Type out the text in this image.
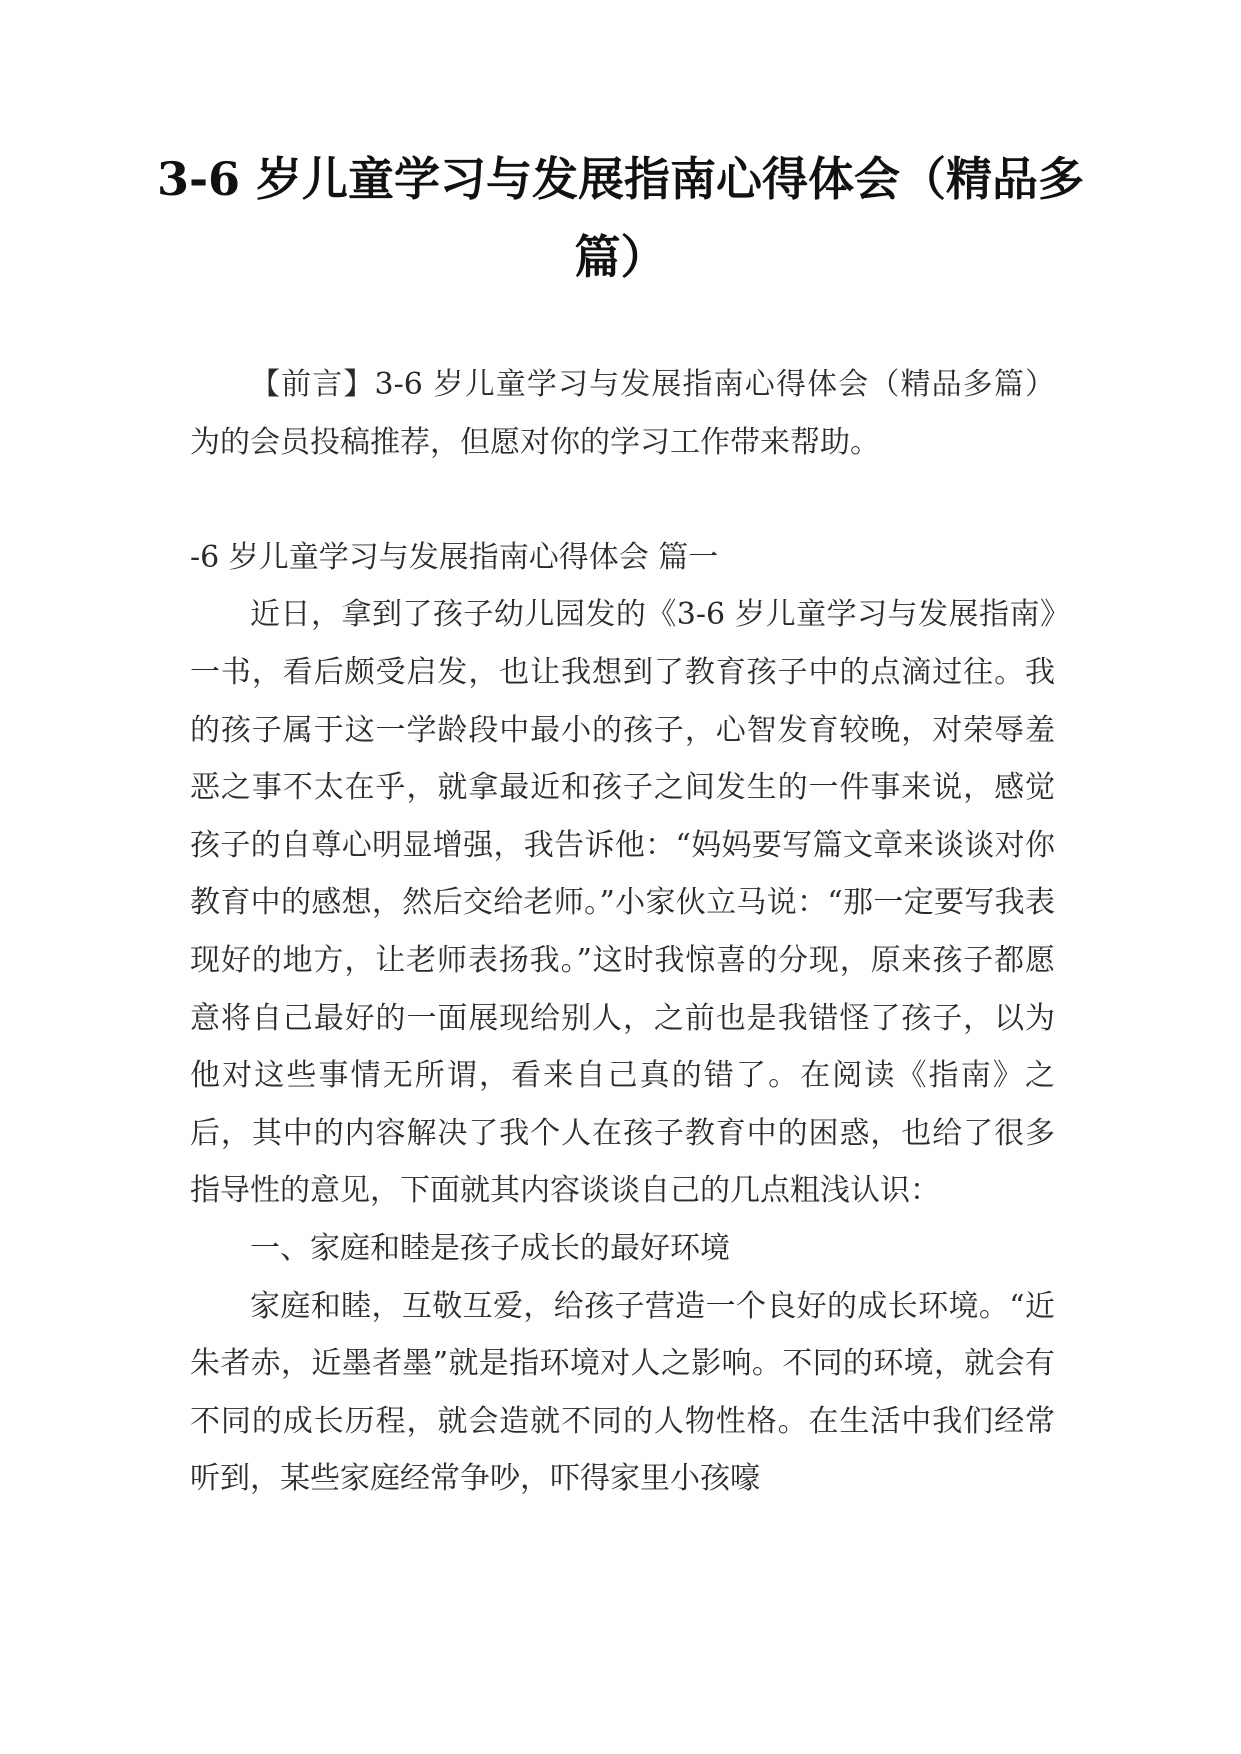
3-6 岁儿童学习与发展指南心得体会（精品多篇）

【前言】3-6 岁儿童学习与发展指南心得体会（精品多篇）为的会员投稿推荐，但愿对你的学习工作带来帮助。

-6 岁儿童学习与发展指南心得体会 篇一

近日，拿到了孩子幼儿园发的《3-6 岁儿童学习与发展指南》一书，看后颇受启发，也让我想到了教育孩子中的点滴过往。我的孩子属于这一学龄段中最小的孩子，心智发育较晚，对荣辱羞恶之事不太在乎，就拿最近和孩子之间发生的一件事来说，感觉孩子的自尊心明显增强，我告诉他：“妈妈要写篇文章来谈谈对你教育中的感想，然后交给老师。”小家伙立马说：“那一定要写我表现好的地方，让老师表扬我。”这时我惊喜的分现，原来孩子都愿意将自己最好的一面展现给别人，之前也是我错怪了孩子，以为他对这些事情无所谓，看来自己真的错了。在阅读《指南》之后，其中的内容解决了我个人在孩子教育中的困惑，也给了很多指导性的意见，下面就其内容谈谈自己的几点粗浅认识：

一、家庭和睦是孩子成长的最好环境

家庭和睦，互敬互爱，给孩子营造一个良好的成长环境。“近朱者赤，近墨者墨”就是指环境对人之影响。不同的环境，就会有不同的成长历程，就会造就不同的人物性格。在生活中我们经常听到，某些家庭经常争吵，吓得家里小孩嚎
